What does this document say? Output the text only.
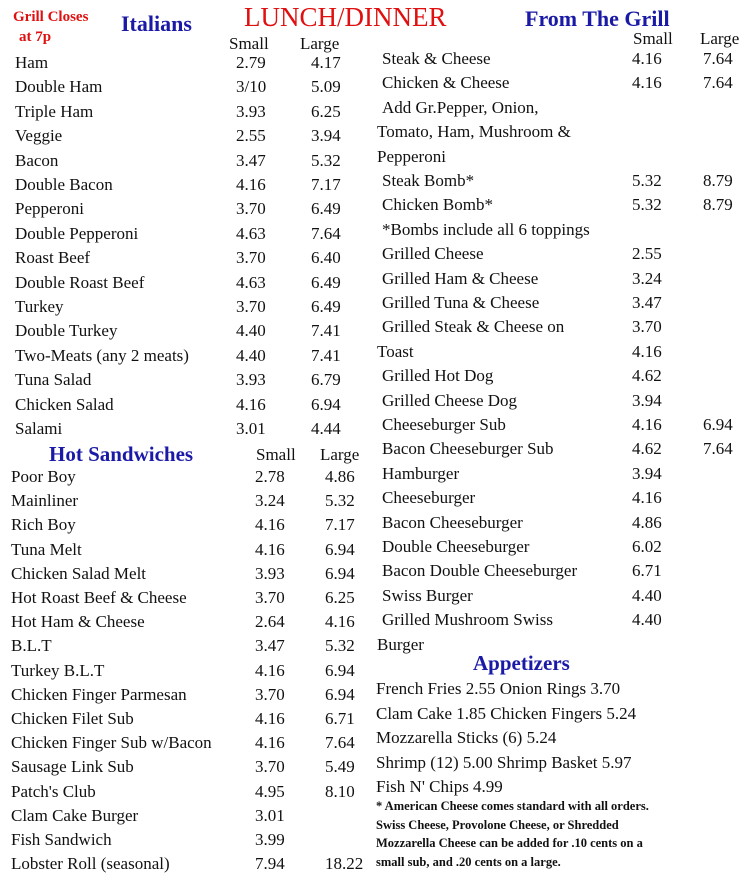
Grill Closes
at 7p
Italians LUNCH/DINNER	From The Grill
Small Large	Small Large
Ham	2.79	4.17
Double Ham	3/10	5.09
Triple Ham	3.93	6.25
Veggie	2.55	3.94
Bacon	3.47	5.32
Double Bacon	4.16	7.17
Pepperoni	3.70	6.49
Double Pepperoni	4.63	7.64
Roast Beef	3.70	6.40
Double Roast Beef	4.63	6.49
Turkey	3.70	6.49
Double Turkey	4.40	7.41
Two-Meats (any 2 meats)	4.40	7.41
Tuna Salad	3.93	6.79
Chicken Salad	4.16	6.94
Salami	3.01	4.44
Hot Sandwiches	Small Large
Poor Boy	2.78 4.86
Mainliner	3.24 5.32
Rich Boy	4.16 7.17
Tuna Melt	4.16 6.94
Chicken Salad Melt	3.93 6.94
Hot Roast Beef & Cheese	3.70 6.25
Hot Ham & Cheese	2.64 4.16
B.L.T	3.47 5.32
Turkey B.L.T	4.16 6.94
Chicken Finger Parmesan	3.70 6.94
Chicken Filet Sub	4.16 6.71
Chicken Finger Sub w/Bacon	4.16 7.64
Sausage Link Sub	3.70 5.49
Patch's Club	4.95 8.10
Clam Cake Burger	3.01
Fish Sandwich	3.99
Lobster Roll (seasonal)	7.94 18.22
Steak & Cheese	4.16 7.64
Chicken & Cheese	4.16 7.64
Add Gr.Pepper, Onion,
Tomato, Ham, Mushroom &
Pepperoni
Steak Bomb*	5.32 8.79
Chicken Bomb*	5.32 8.79
*Bombs include all 6 toppings
Grilled Cheese	2.55
Grilled Ham & Cheese	3.24
Grilled Tuna & Cheese	3.47
Grilled Steak & Cheese on	3.70
Toast	4.16
Grilled Hot Dog	4.62
Grilled Cheese Dog	3.94
Cheeseburger Sub	4.16 6.94
Bacon Cheeseburger Sub	4.62 7.64
Hamburger	3.94
Cheeseburger	4.16
Bacon Cheeseburger	4.86
Double Cheeseburger	6.02
Bacon Double Cheeseburger	6.71
Swiss Burger	4.40
Grilled Mushroom Swiss	4.40
Burger
Appetizers
French Fries 2.55 Onion Rings 3.70
Clam Cake 1.85 Chicken Fingers 5.24
Mozzarella Sticks (6) 5.24
Shrimp (12) 5.00 Shrimp Basket 5.97
Fish N' Chips 4.99
* American Cheese comes standard with all orders.
Swiss Cheese, Provolone Cheese, or Shredded
Mozzarella Cheese can be added for .10 cents on a
small sub, and .20 cents on a large.
